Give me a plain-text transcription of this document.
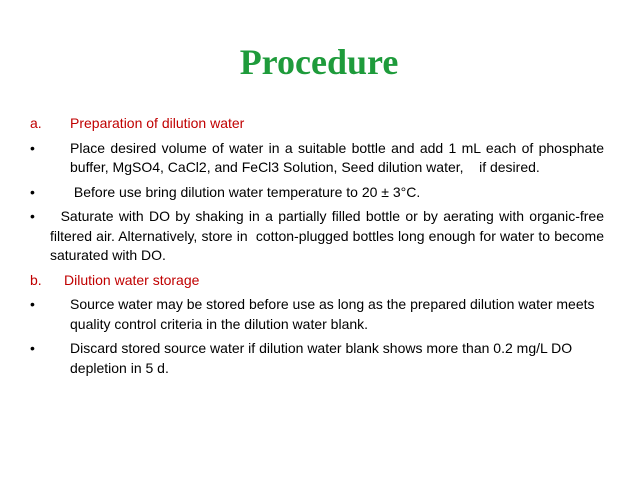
Procedure
a.	Preparation of dilution water
•	Place desired volume of water in a suitable bottle and add 1 mL each of phosphate buffer, MgSO4, CaCl2, and FeCl3 Solution, Seed dilution water,    if desired.
•	Before use bring dilution water temperature to 20 ± 3°C.
•	Saturate with DO by shaking in a partially filled bottle or by aerating with organic-free filtered air. Alternatively, store in  cotton-plugged bottles long enough for water to become saturated with DO.
b.	Dilution water storage
•	Source water may be stored before use as long as the prepared dilution water meets quality control criteria in the dilution water blank.
•	Discard stored source water if dilution water blank shows more than 0.2 mg/L DO depletion in 5 d.
